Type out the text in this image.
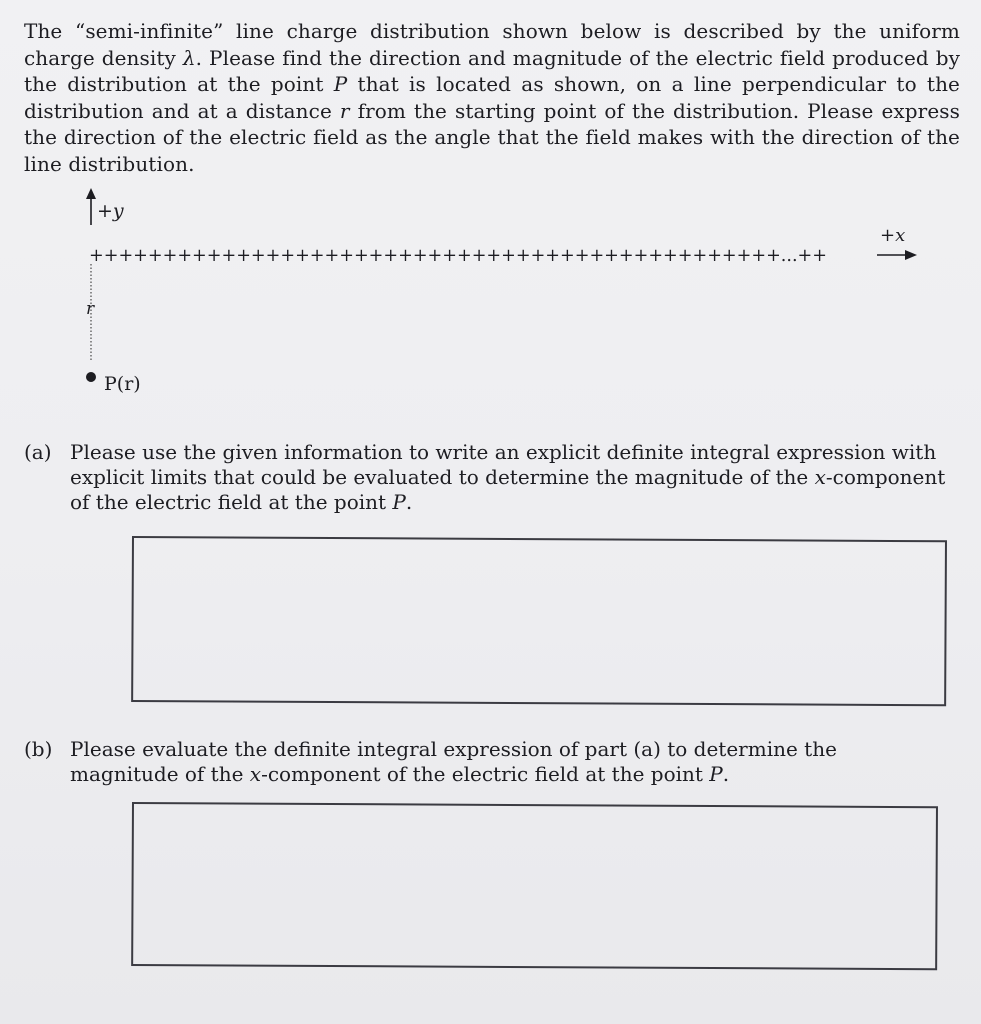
The “semi-infinite” line charge distribution shown below is described by the uniform charge density λ. Please find the direction and magnitude of the electric field produced by the distribution at the point P that is located as shown, on a line perpendicular to the distribution and at a distance r from the starting point of the distribution. Please express the direction of the electric field as the angle that the field makes with the direction of the line distribution.
+y
+++++++++++++++++++++++++++++++++++++++++++++++...++
+x
r
P(r)
(a) Please use the given information to write an explicit definite integral expression with explicit limits that could be evaluated to determine the magnitude of the x-component of the electric field at the point P.
(b) Please evaluate the definite integral expression of part (a) to determine the magnitude of the x-component of the electric field at the point P.
